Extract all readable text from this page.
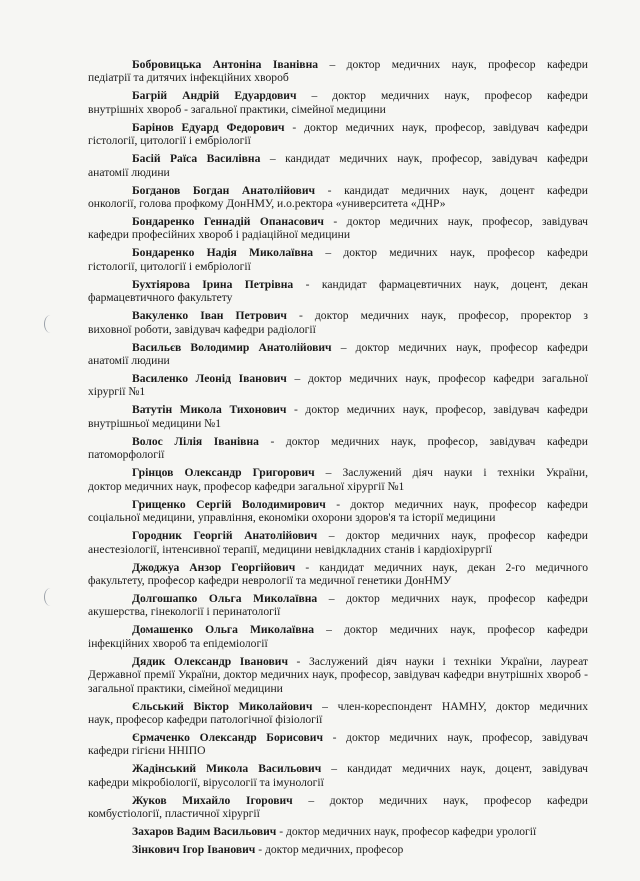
Бобровицька Антоніна Іванівна – доктор медичних наук, професор кафедри
педіатрії та дитячих інфекційних хвороб
Багрій Андрій Едуардович – доктор медичних наук, професор кафедри
внутрішніх хвороб - загальної практики, сімейної медицини
Барінов Едуард Федорович - доктор медичних наук, професор, завідувач кафедри
гістології, цитології і ембріології
Басій Раїса Василівна – кандидат медичних наук, професор, завідувач кафедри
анатомії людини
Богданов Богдан Анатолійович - кандидат медичних наук, доцент кафедри
онкології, голова профкому ДонНМУ, и.о.ректора «университета «ДНР»
Бондаренко Геннадій Опанасович - доктор медичних наук, професор, завідувач
кафедри професійних хвороб і радіаційної медицини
Бондаренко Надія Миколаївна – доктор медичних наук, професор кафедри
гістології, цитології і ембріології
Бухтіярова Ірина Петрівна - кандидат фармацевтичних наук, доцент, декан
фармацевтичного факультету
Вакуленко Іван Петрович - доктор медичних наук, професор, проректор з
виховної роботи, завідувач кафедри радіології
Васильєв Володимир Анатолійович – доктор медичних наук, професор кафедри
анатомії людини
Василенко Леонід Іванович – доктор медичних наук, професор кафедри загальної
хірургії №1
Ватутін Микола Тихонович - доктор медичних наук, професор, завідувач кафедри
внутрішньої медицини №1
Волос Лілія Іванівна - доктор медичних наук, професор, завідувач кафедри
патоморфології
Грінцов Олександр Григорович – Заслужений діяч науки і техніки України,
доктор медичних наук, професор кафедри загальної хірургії №1
Грищенко Сергій Володимирович - доктор медичних наук, професор кафедри
соціальної медицини, управління, економіки охорони здоров'я та історії медицини
Городник Георгій Анатолійович – доктор медичних наук, професор кафедри
анестезіології, інтенсивної терапії, медицини невідкладних станів і кардіохірургії
Джоджуа Анзор Георгійович - кандидат медичних наук, декан 2-го медичного
факультету, професор кафедри неврології та медичної генетики ДонНМУ
Долгошапко Ольга Миколаївна – доктор медичних наук, професор кафедри
акушерства, гінекології і перинатології
Домашенко Ольга Миколаївна – доктор медичних наук, професор кафедри
інфекційних хвороб та епідеміології
Дядик Олександр Іванович - Заслужений діяч науки і техніки України, лауреат
Державної премії України, доктор медичних наук, професор, завідувач кафедри внутрішніх хвороб - загальної практики, сімейної медицини
Єльський Віктор Миколайович – член-кореспондент НАМНУ, доктор медичних
наук, професор кафедри патологічної фізіології
Єрмаченко Олександр Борисович - доктор медичних наук, професор, завідувач
кафедри гігієни ННІПО
Жадінський Микола Васильович – кандидат медичних наук, доцент, завідувач
кафедри мікробіології, вірусології та імунології
Жуков Михайло Ігорович – доктор медичних наук, професор кафедри
комбустіології, пластичної хірургії
Захаров Вадим Васильович - доктор медичних наук, професор кафедри урології
Зінкович Ігор Іванович - доктор медичних, професор
